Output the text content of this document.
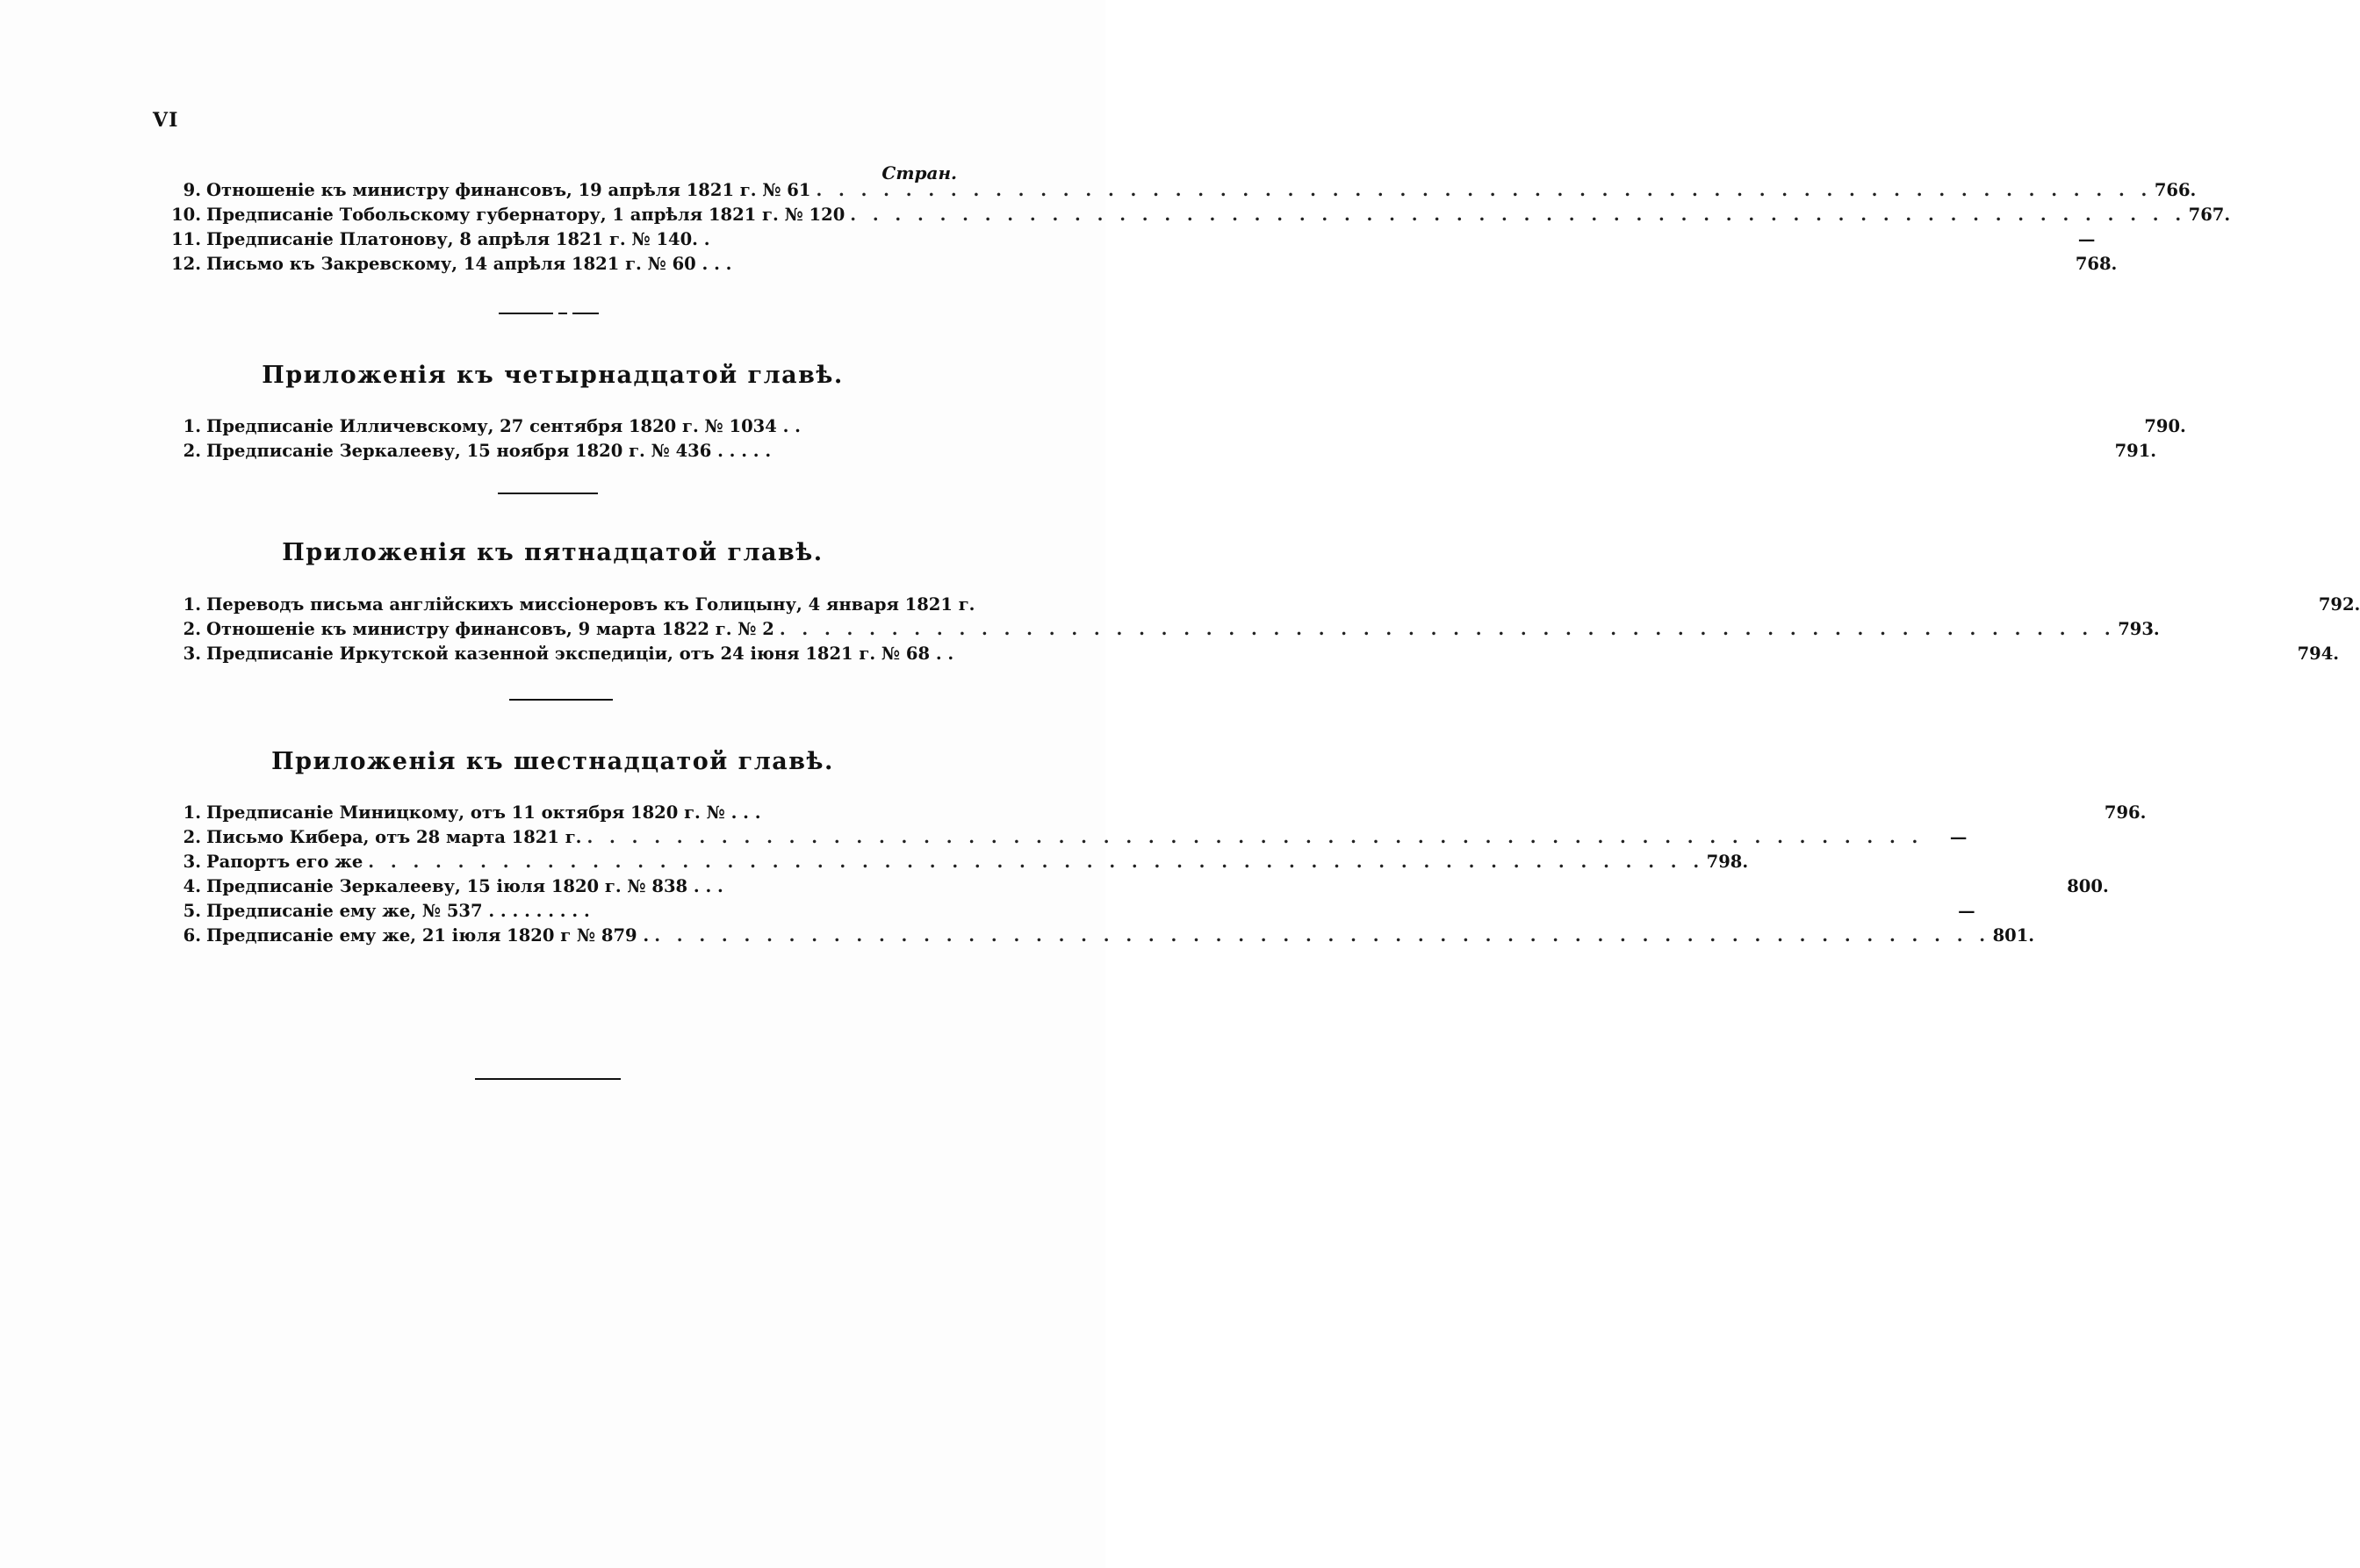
VI
Стран.
9. Отношеніе къ министру финансовъ, 19 апрѣля 1821 г. № 61 . . .	766.
10. Предписаніе Тобольскому губернатору, 1 апрѣля 1821 г. № 120 . . .	767.
11. Предписаніе Платонову, 8 апрѣля 1821 г. № 140. .	—
12. Письмо къ Закревскому, 14 апрѣля 1821 г. № 60 . . .	768.
Приложенія къ четырнадцатой главѣ.
1. Предписаніе Илличевскому, 27 сентября 1820 г. № 1034 . .	790.
2. Предписаніе Зеркалееву, 15 ноября 1820 г. № 436 . . . . .	791.
Приложенія къ пятнадцатой главѣ.
1. Переводъ письма англійскихъ миссіонеровъ къ Голицыну, 4 января 1821 г.	792.
2. Отношеніе къ министру финансовъ, 9 марта 1822 г. № 2 . . .	793.
3. Предписаніе Иркутской казенной экспедиціи, отъ 24 іюня 1821 г. № 68 . .	794.
Приложенія къ шестнадцатой главѣ.
1. Предписаніе Миницкому, отъ 11 октября 1820 г. № . . .	796.
2. Письмо Кибера, отъ 28 марта 1821 г. . . .	—
3. Рапортъ его же . . .	798.
4. Предписаніе Зеркалееву, 15 іюля 1820 г. № 838 . . .	800.
5. Предписаніе ему же, № 537 . . . . . . . . .	—
6. Предписаніе ему же, 21 іюля 1820 г № 879 . . . .	801.
